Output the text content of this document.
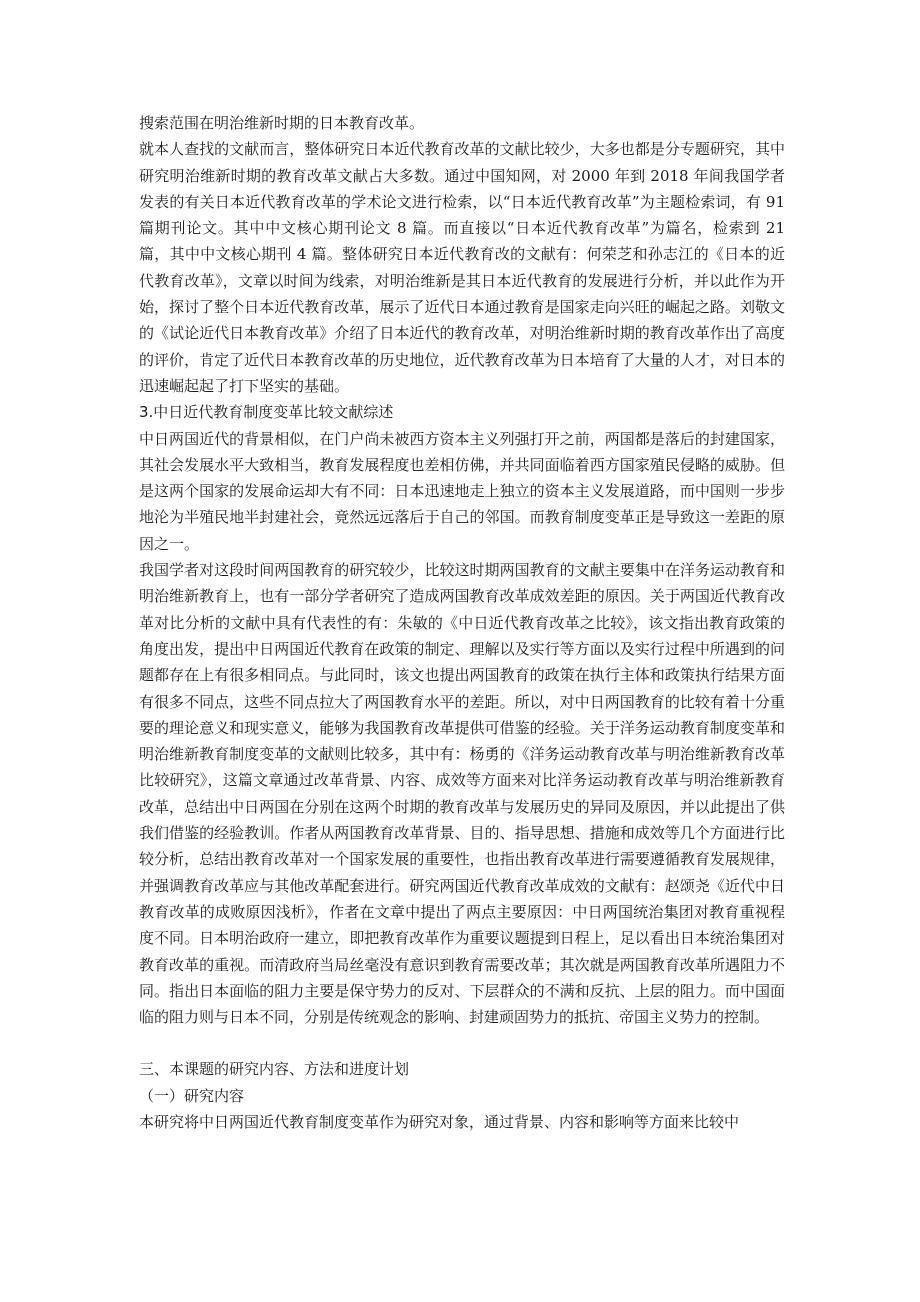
搜索范围在明治维新时期的日本教育改革。

就本人查找的文献而言，整体研究日本近代教育改革的文献比较少，大多也都是分专题研究，其中研究明治维新时期的教育改革文献占大多数。通过中国知网，对 2000 年到 2018 年间我国学者发表的有关日本近代教育改革的学术论文进行检索，以“日本近代教育改革”为主题检索词，有 91 篇期刊论文。其中中文核心期刊论文 8 篇。而直接以“日本近代教育改革”为篇名，检索到 21 篇，其中中文核心期刊 4 篇。整体研究日本近代教育改的文献有：何荣芝和孙志江的《日本的近代教育改革》，文章以时间为线索，对明治维新是其日本近代教育的发展进行分析，并以此作为开始，探讨了整个日本近代教育改革，展示了近代日本通过教育是国家走向兴旺的崛起之路。刘敬文的《试论近代日本教育改革》介绍了日本近代的教育改革，对明治维新时期的教育改革作出了高度的评价，肯定了近代日本教育改革的历史地位，近代教育改革为日本培育了大量的人才，对日本的迅速崛起起了打下坚实的基础。

3.中日近代教育制度变革比较文献综述

中日两国近代的背景相似，在门户尚未被西方资本主义列强打开之前，两国都是落后的封建国家，其社会发展水平大致相当，教育发展程度也差相仿佛，并共同面临着西方国家殖民侵略的威胁。但是这两个国家的发展命运却大有不同：日本迅速地走上独立的资本主义发展道路，而中国则一步步地沦为半殖民地半封建社会，竟然远远落后于自己的邻国。而教育制度变革正是导致这一差距的原因之一。

我国学者对这段时间两国教育的研究较少，比较这时期两国教育的文献主要集中在洋务运动教育和明治维新教育上，也有一部分学者研究了造成两国教育改革成效差距的原因。关于两国近代教育改革对比分析的文献中具有代表性的有：朱敏的《中日近代教育改革之比较》，该文指出教育政策的角度出发，提出中日两国近代教育在政策的制定、理解以及实行等方面以及实行过程中所遇到的问题都存在上有很多相同点。与此同时，该文也提出两国教育的政策在执行主体和政策执行结果方面有很多不同点，这些不同点拉大了两国教育水平的差距。所以，对中日两国教育的比较有着十分重要的理论意义和现实意义，能够为我国教育改革提供可借鉴的经验。关于洋务运动教育制度变革和明治维新教育制度变革的文献则比较多，其中有：杨勇的《洋务运动教育改革与明治维新教育改革比较研究》，这篇文章通过改革背景、内容、成效等方面来对比洋务运动教育改革与明治维新教育改革，总结出中日两国在分别在这两个时期的教育改革与发展历史的异同及原因，并以此提出了供我们借鉴的经验教训。作者从两国教育改革背景、目的、指导思想、措施和成效等几个方面进行比较分析，总结出教育改革对一个国家发展的重要性，也指出教育改革进行需要遵循教育发展规律，并强调教育改革应与其他改革配套进行。研究两国近代教育改革成效的文献有：赵颂尧《近代中日教育改革的成败原因浅析》，作者在文章中提出了两点主要原因：中日两国统治集团对教育重视程度不同。日本明治政府一建立，即把教育改革作为重要议题提到日程上，足以看出日本统治集团对教育改革的重视。而清政府当局丝毫没有意识到教育需要改革；其次就是两国教育改革所遇阻力不同。指出日本面临的阻力主要是保守势力的反对、下层群众的不满和反抗、上层的阻力。而中国面临的阻力则与日本不同，分别是传统观念的影响、封建顽固势力的抵抗、帝国主义势力的控制。

三、本课题的研究内容、方法和进度计划

（一）研究内容

本研究将中日两国近代教育制度变革作为研究对象，通过背景、内容和影响等方面来比较中
